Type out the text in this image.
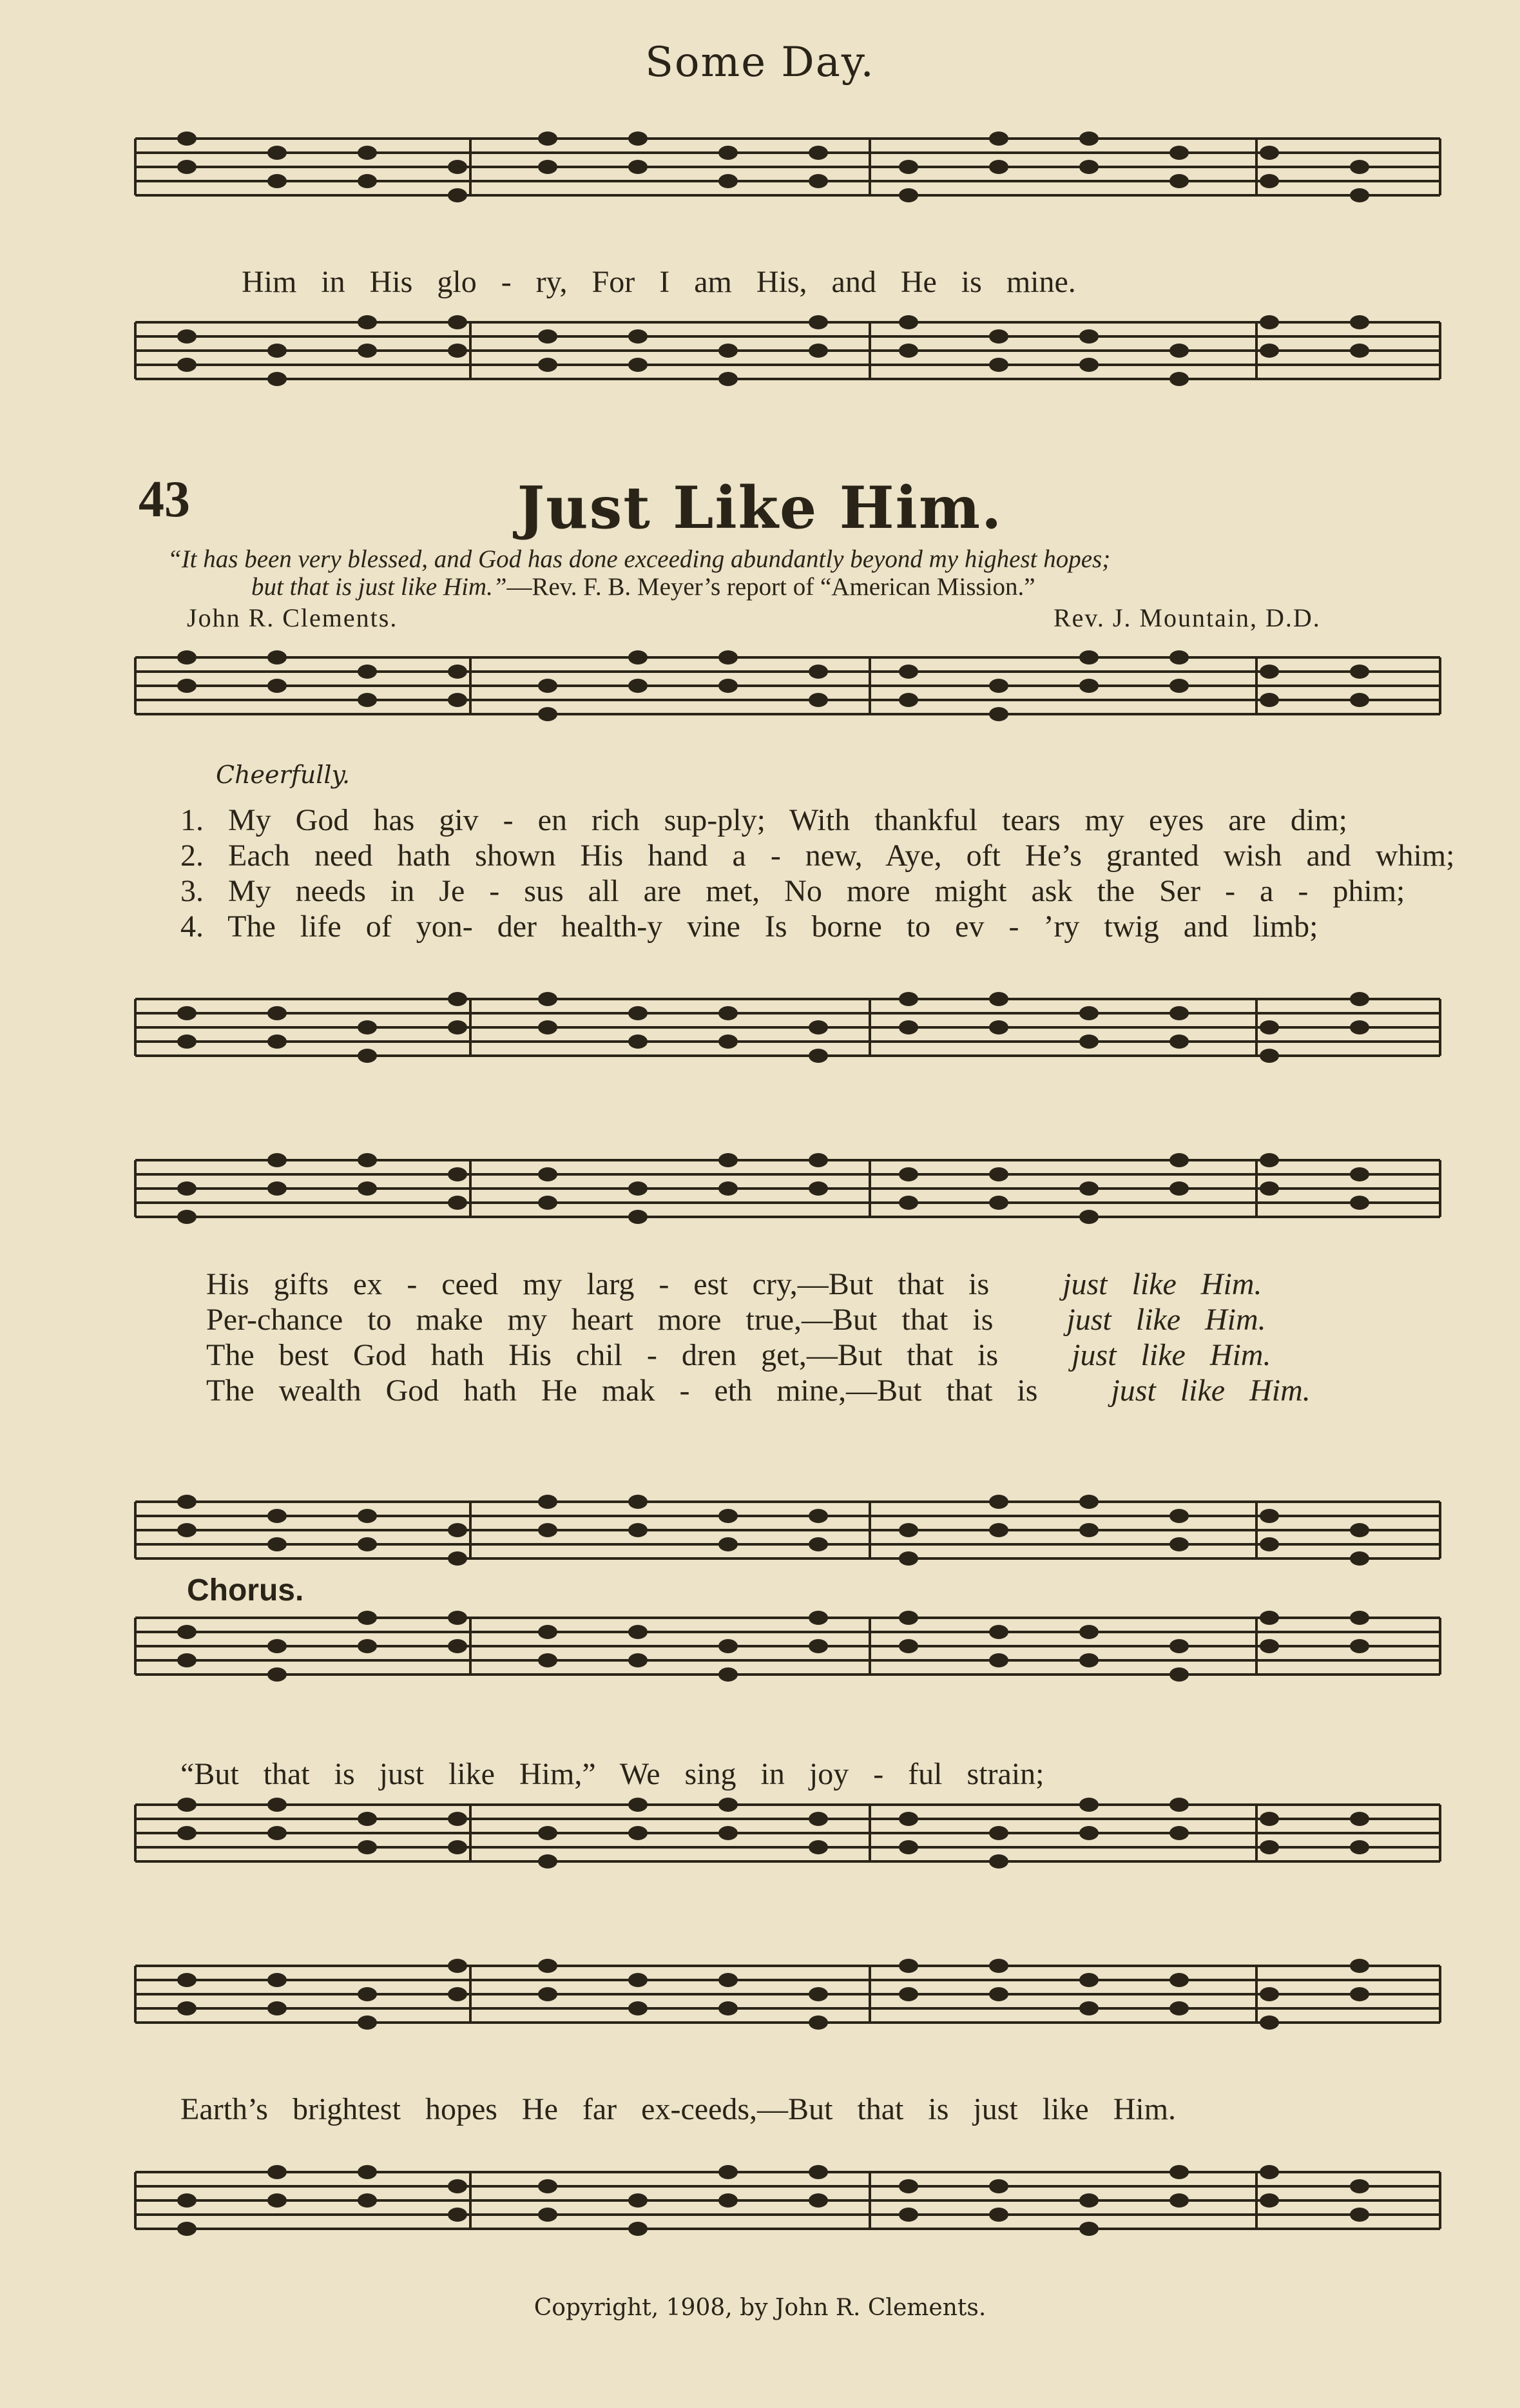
Some Day.
Him in His glo - ry, For I am His, and He is mine.
43	Just Like Him.
“It has been very blessed, and God has done exceeding abundantly beyond my highest hopes;
but that is just like Him.”—Rev. F. B. Meyer’s report of “American Mission.”
John R. Clements.	Rev. J. Mountain, D.D.
Cheerfully.
1. My God has giv - en rich sup-ply; With thankful tears my eyes are dim;
2. Each need hath shown His hand a - new, Aye, oft He’s granted wish and whim;
3. My needs in Je - sus all are met, No more might ask the Ser - a - phim;
4. The life of yon- der health-y vine Is borne to ev - ’ry twig and limb;
His gifts ex - ceed my larg - est cry,—But that is just like Him.
Per-chance to make my heart more true,—But that is just like Him.
The best God hath His chil - dren get,—But that is just like Him.
The wealth God hath He mak - eth mine,—But that is just like Him.
Chorus.
“But that is just like Him,” We sing in joy - ful strain;
Earth’s brightest hopes He far ex-ceeds,—But that is just like Him.
Copyright, 1908, by John R. Clements.
